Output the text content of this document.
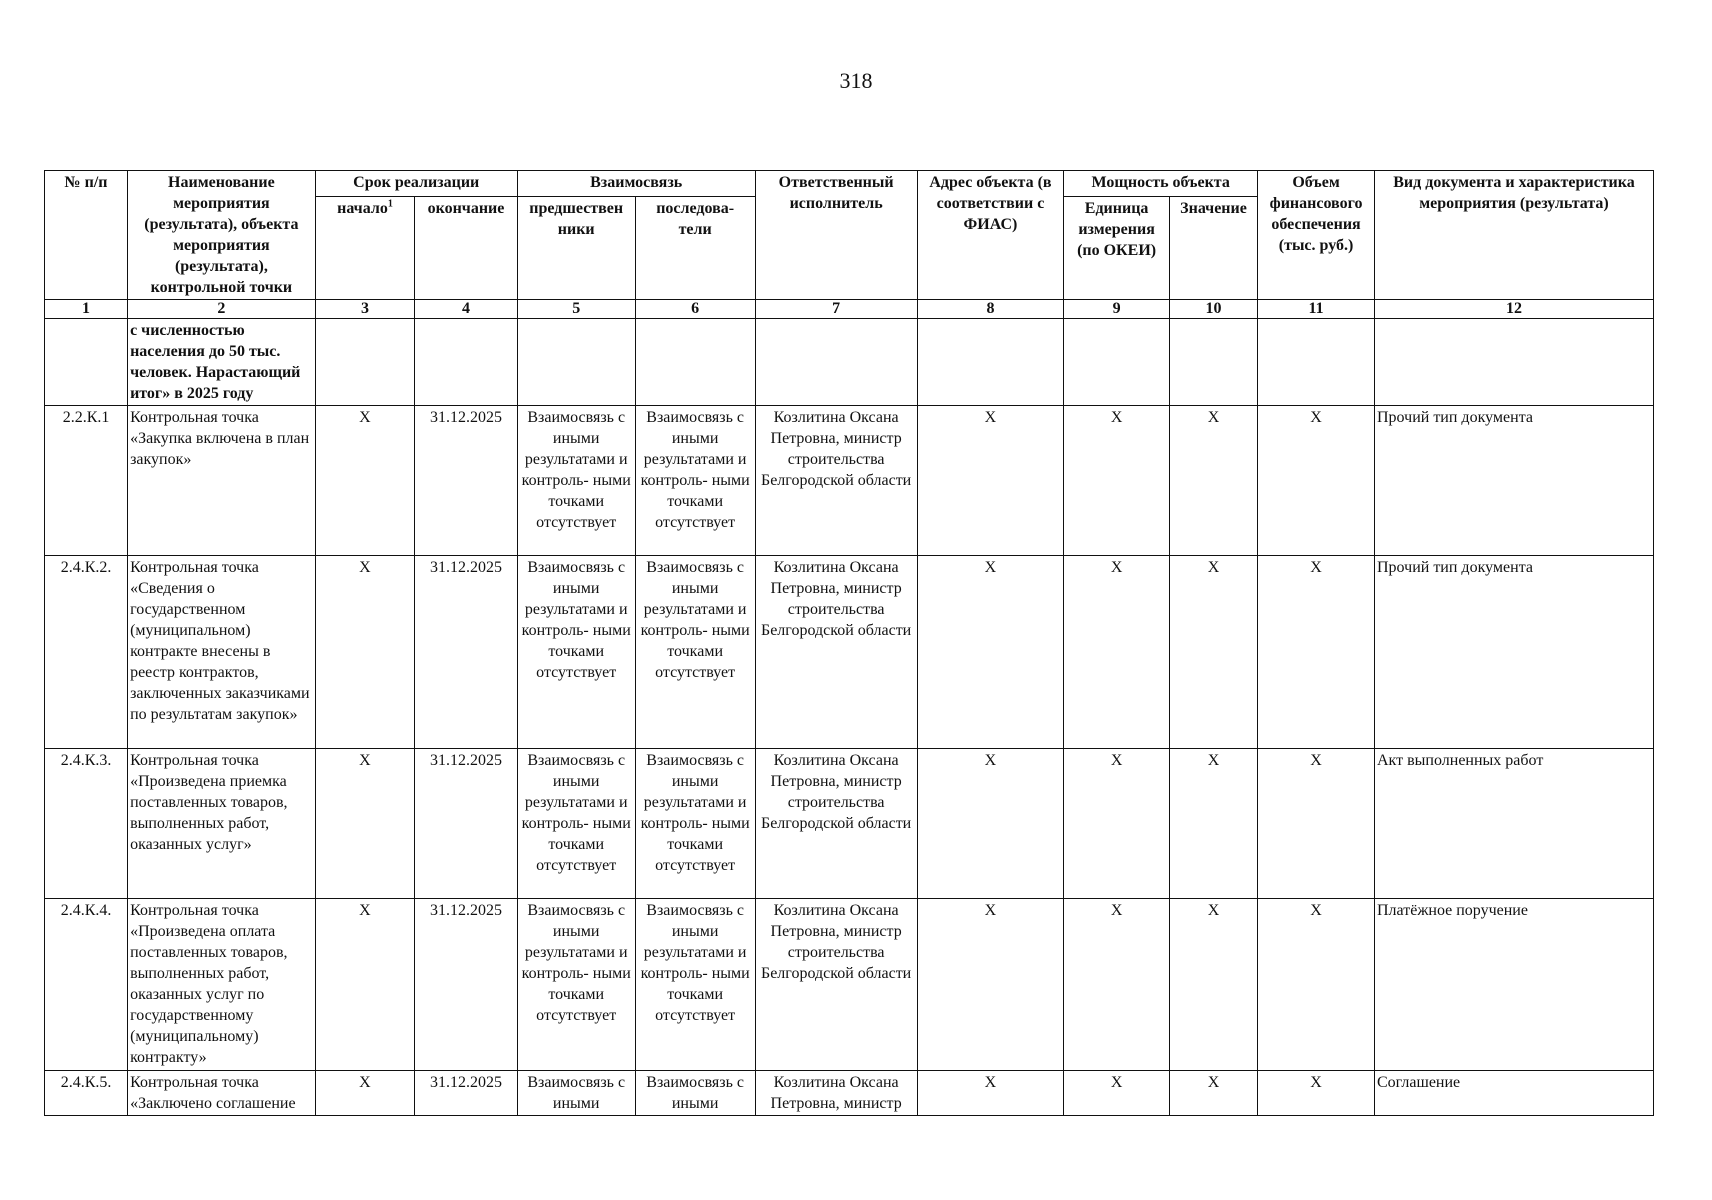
318
№ п/п	Наименование мероприятия (результата), объекта мероприятия (результата), контрольной точки	Срок реализации		Взаимосвязь		Ответственный исполнитель	Адрес объекта (в соответствии с ФИАС)	Мощность объекта		Объем финансового обеспечения (тыс. руб.)	Вид документа и характеристика мероприятия (результата)
		начало$^1$	окончание	предшествен ники	последова- тели			Единица измерения (по ОКЕИ)	Значение		
1	2	3	4	5	6	7	8	9	10	11	12
	с численностью населения до 50 тыс. человек. Нарастающий итог» в 2025 году										
2.2.К.1	Контрольная точка «Закупка включена в план закупок»	X	31.12.2025	Взаимосвязь с иными результатами и контроль- ными точками отсутствует	Взаимосвязь с иными результатами и контроль- ными точками отсутствует	Козлитина Оксана Петровна, министр строительства Белгородской области	X	X	X	X	Прочий тип документа
2.4.К.2.	Контрольная точка «Сведения о государственном (муниципальном) контракте внесены в реестр контрактов, заключенных заказчиками по результатам закупок»	X	31.12.2025	Взаимосвязь с иными результатами и контроль- ными точками отсутствует	Взаимосвязь с иными результатами и контроль- ными точками отсутствует	Козлитина Оксана Петровна, министр строительства Белгородской области	X	X	X	X	Прочий тип документа
2.4.К.3.	Контрольная точка «Произведена приемка поставленных товаров, выполненных работ, оказанных услуг»	X	31.12.2025	Взаимосвязь с иными результатами и контроль- ными точками отсутствует	Взаимосвязь с иными результатами и контроль- ными точками отсутствует	Козлитина Оксана Петровна, министр строительства Белгородской области	X	X	X	X	Акт выполненных работ
2.4.К.4.	Контрольная точка «Произведена оплата поставленных товаров, выполненных работ, оказанных услуг по государственному (муниципальному) контракту»	X	31.12.2025	Взаимосвязь с иными результатами и контроль- ными точками отсутствует	Взаимосвязь с иными результатами и контроль- ными точками отсутствует	Козлитина Оксана Петровна, министр строительства Белгородской области	X	X	X	X	Платёжное поручение
2.4.К.5.	Контрольная точка «Заключено соглашение	X	31.12.2025	Взаимосвязь с иными	Взаимосвязь с иными	Козлитина Оксана Петровна, министр	X	X	X	X	Соглашение
